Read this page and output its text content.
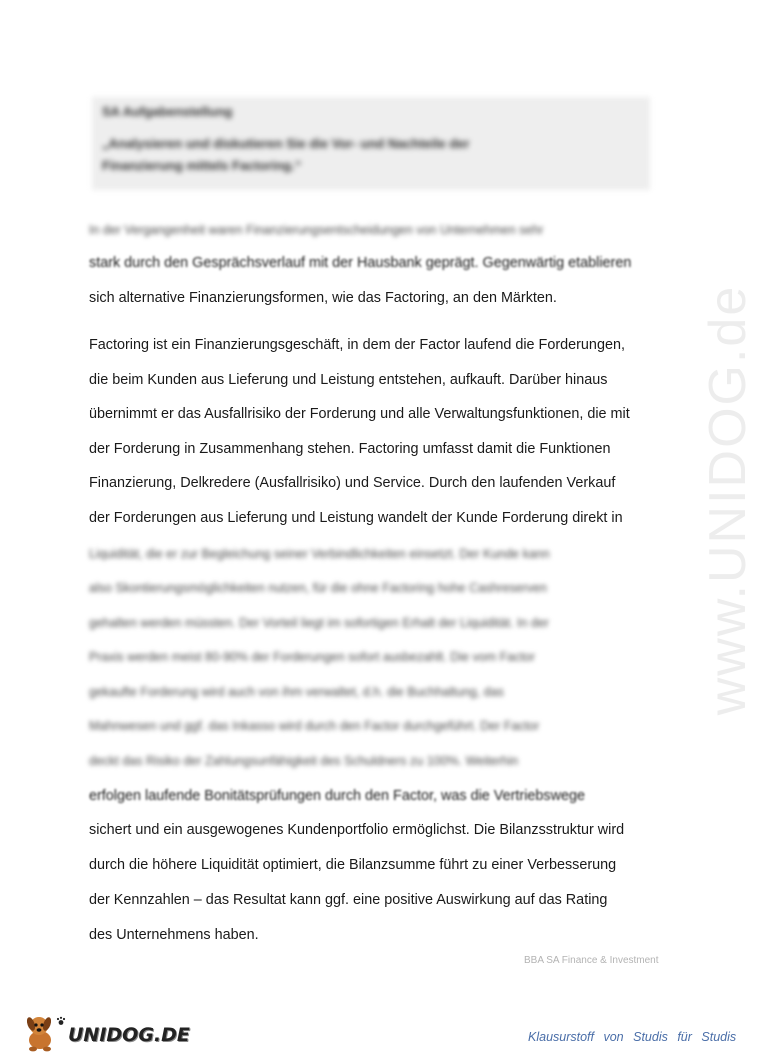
SA Aufgabenstellung

„Analysieren und diskutieren Sie die Vor- und Nachteile der

Finanzierung mittels Factoring.“

www.UNIDOG.de

In der Vergangenheit waren Finanzierungsentscheidungen von Unternehmen sehr

stark durch den Gesprächsverlauf mit der Hausbank geprägt. Gegenwärtig etablieren

sich alternative Finanzierungsformen, wie das Factoring, an den Märkten.

Factoring ist ein Finanzierungsgeschäft, in dem der Factor laufend die Forderungen,

die beim Kunden aus Lieferung und Leistung entstehen, aufkauft. Darüber hinaus

übernimmt er das Ausfallrisiko der Forderung und alle Verwaltungsfunktionen, die mit

der Forderung in Zusammenhang stehen. Factoring umfasst damit die Funktionen

Finanzierung, Delkredere (Ausfallrisiko) und Service. Durch den laufenden Verkauf

der Forderungen aus Lieferung und Leistung wandelt der Kunde Forderung direkt in

Liquidität, die er zur Begleichung seiner Verbindlichkeiten einsetzt. Der Kunde kann

also Skontierungsmöglichkeiten nutzen, für die ohne Factoring hohe Cashreserven

gehalten werden müssten. Der Vorteil liegt im sofortigen Erhalt der Liquidität. In der

Praxis werden meist 80-90% der Forderungen sofort ausbezahlt. Die vom Factor

gekaufte Forderung wird auch von ihm verwaltet, d.h. die Buchhaltung, das

Mahnwesen und ggf. das Inkasso wird durch den Factor durchgeführt. Der Factor

deckt das Risiko der Zahlungsunfähigkeit des Schuldners zu 100%. Weiterhin

erfolgen laufende Bonitätsprüfungen durch den Factor, was die Vertriebswege

sichert und ein ausgewogenes Kundenportfolio ermöglichst. Die Bilanzsstruktur wird

durch die höhere Liquidität optimiert, die Bilanzsumme führt zu einer Verbesserung

der Kennzahlen – das Resultat kann ggf. eine positive Auswirkung auf das Rating

des Unternehmens haben.

BBA SA Finance & Investment
UNIDOG.DE	Klausurstoff von Studis für Studis
